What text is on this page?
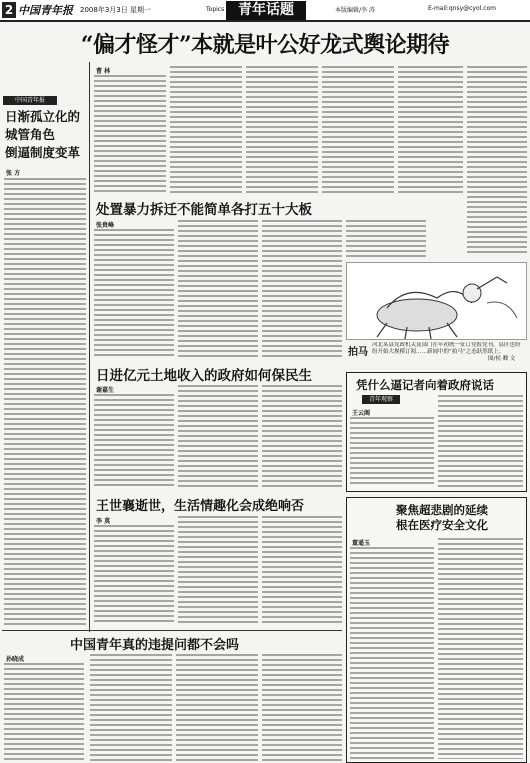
2 中国青年报 2008年3月3日 星期一	Topics 青年话题	本版编辑/李 涛	E-mail:qnsy@cyol.com
“偏才怪才”本就是叶公好龙式舆论期待
中国青年报
日渐孤立化的
城管角色
倒逼制度变革
张 方
曹 林
处置暴力拆迁不能简单各打五十大板
张贵峰
拍马
河北某县党政机关及部门在年初统一征订党报党刊，县区也纷纷开始大规模订阅……新闻中的“拍马”之态跃然纸上。
图/侯 卿 文
日进亿元土地收入的政府如何保民生
谢嘉生	凭什么逼记者向着政府说话
青年观察
王云阁
王世襄逝世，生活情趣化会成绝响否
李 莫
聚焦超悲剧的延续
根在医疗安全文化
董遥玉
中国青年真的违提问都不会吗
孙晓成
